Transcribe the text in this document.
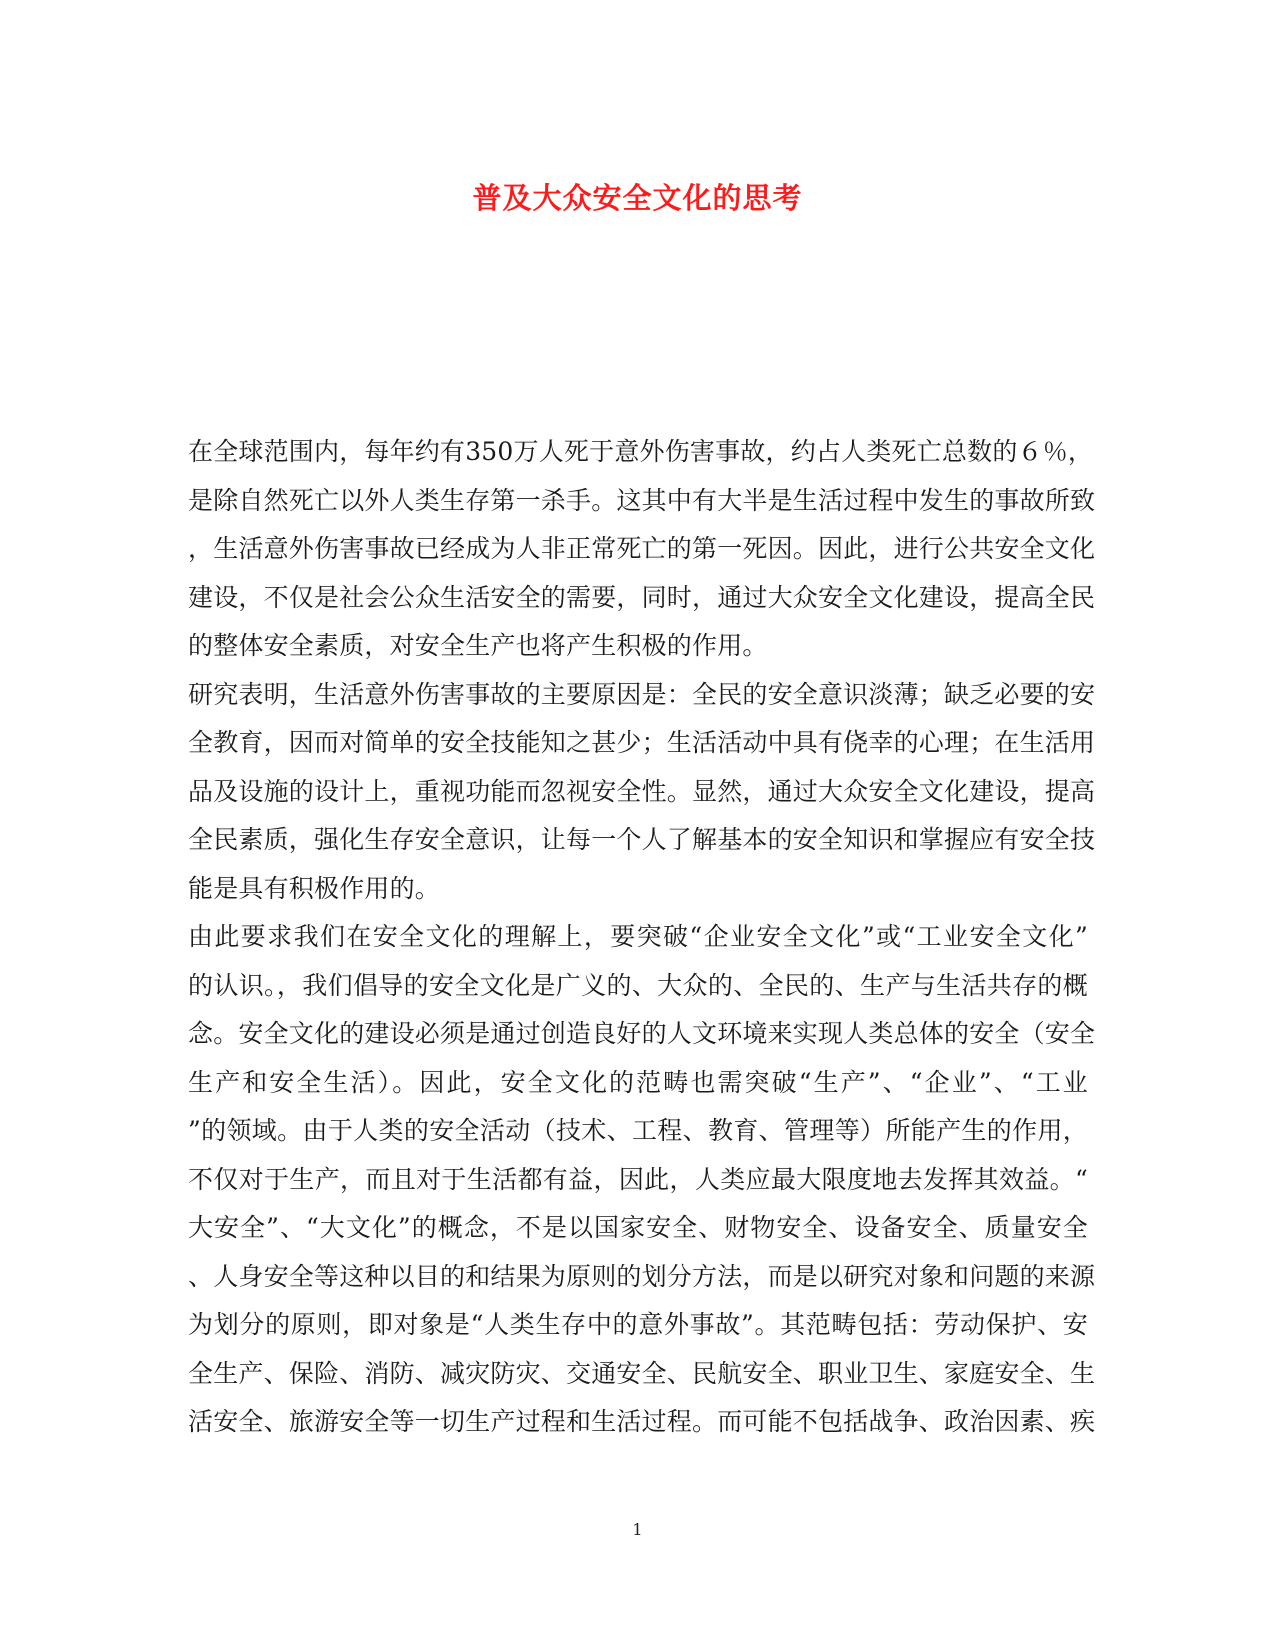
普及大众安全文化的思考
在全球范围内，每年约有350万人死于意外伤害事故，约占人类死亡总数的６％，
是除自然死亡以外人类生存第一杀手。这其中有大半是生活过程中发生的事故所致
，生活意外伤害事故已经成为人非正常死亡的第一死因。因此，进行公共安全文化
建设，不仅是社会公众生活安全的需要，同时，通过大众安全文化建设，提高全民
的整体安全素质，对安全生产也将产生积极的作用。
研究表明，生活意外伤害事故的主要原因是：全民的安全意识淡薄；缺乏必要的安
全教育，因而对简单的安全技能知之甚少；生活活动中具有侥幸的心理；在生活用
品及设施的设计上，重视功能而忽视安全性。显然，通过大众安全文化建设，提高
全民素质，强化生存安全意识，让每一个人了解基本的安全知识和掌握应有安全技
能是具有积极作用的。
由此要求我们在安全文化的理解上，要突破“企业安全文化”或“工业安全文化”
的认识。，我们倡导的安全文化是广义的、大众的、全民的、生产与生活共存的概
念。安全文化的建设必须是通过创造良好的人文环境来实现人类总体的安全（安全
生产和安全生活）。因此，安全文化的范畴也需突破“生产”、“企业”、“工业
”的领域。由于人类的安全活动（技术、工程、教育、管理等）所能产生的作用，
不仅对于生产，而且对于生活都有益，因此，人类应最大限度地去发挥其效益。“
大安全”、“大文化”的概念，不是以国家安全、财物安全、设备安全、质量安全
、人身安全等这种以目的和结果为原则的划分方法，而是以研究对象和问题的来源
为划分的原则，即对象是“人类生存中的意外事故”。其范畴包括：劳动保护、安
全生产、保险、消防、减灾防灾、交通安全、民航安全、职业卫生、家庭安全、生
活安全、旅游安全等一切生产过程和生活过程。而可能不包括战争、政治因素、疾
1
